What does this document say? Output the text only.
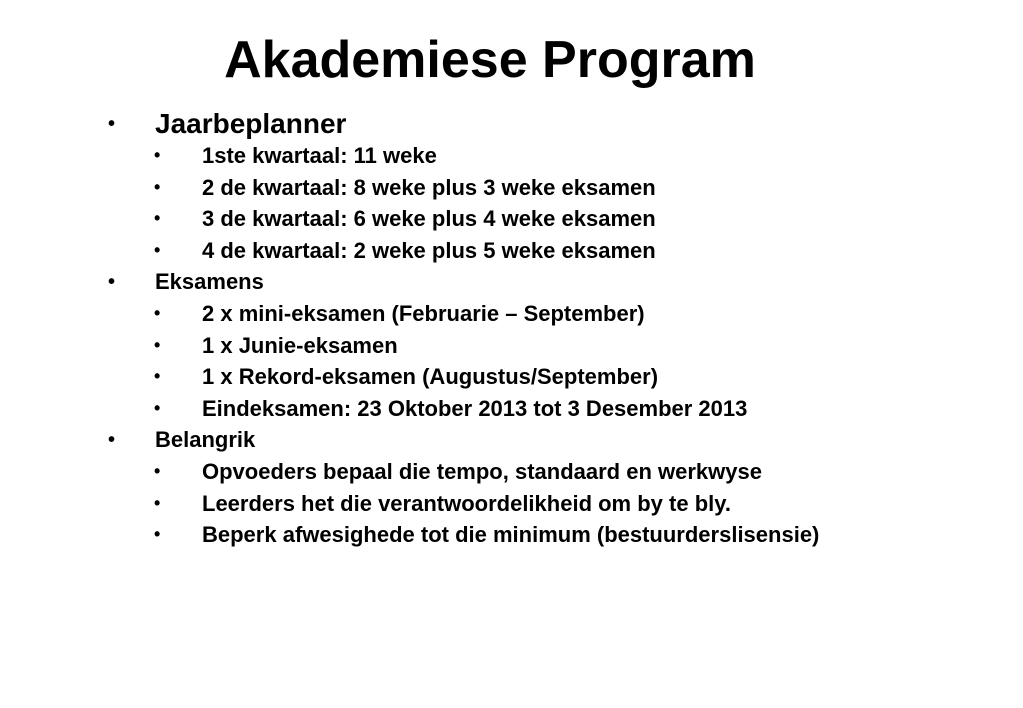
Akademiese Program
• Jaarbeplanner
• 1ste kwartaal: 11 weke
• 2 de kwartaal: 8 weke plus 3 weke eksamen
• 3 de kwartaal: 6 weke plus 4 weke eksamen
• 4 de kwartaal: 2 weke plus 5 weke eksamen
• Eksamens
• 2 x mini-eksamen (Februarie – September)
• 1 x Junie-eksamen
• 1 x Rekord-eksamen (Augustus/September)
• Eindeksamen: 23 Oktober 2013 tot 3 Desember 2013
• Belangrik
• Opvoeders bepaal die tempo, standaard en werkwyse
• Leerders het die verantwoordelikheid om by te bly.
• Beperk afwesighede tot die minimum (bestuurderslisensie)
